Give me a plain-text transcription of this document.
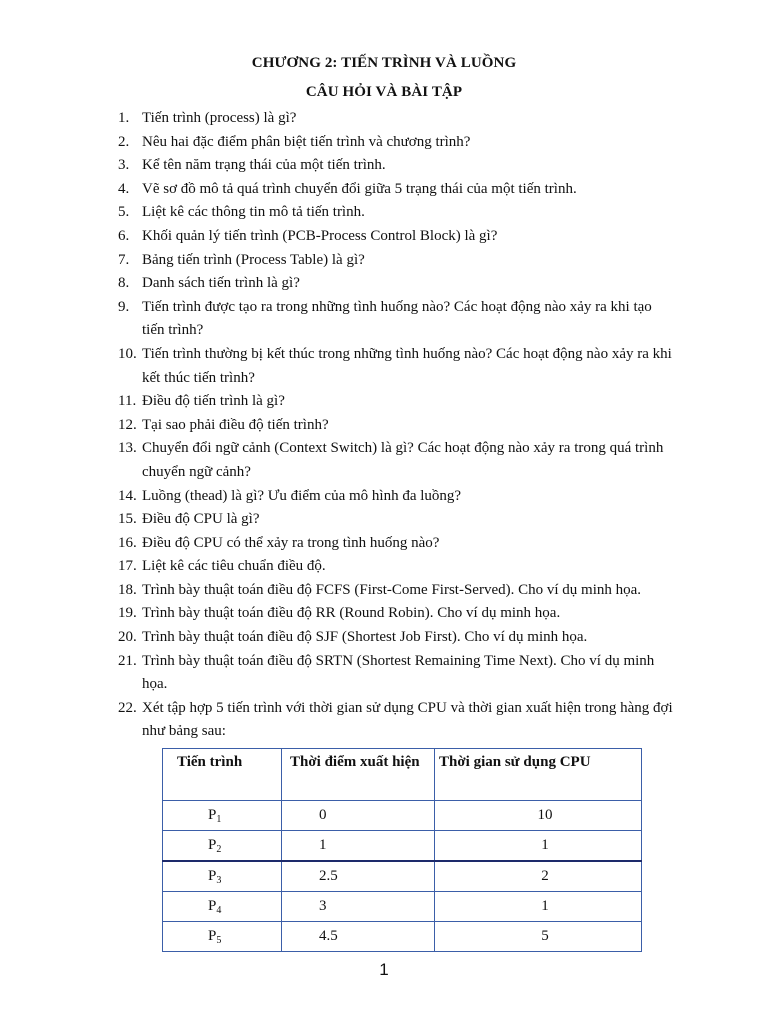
CHƯƠNG 2: TIẾN TRÌNH VÀ LUỒNG
CÂU HỎI VÀ BÀI TẬP
1. Tiến trình (process) là gì?
2. Nêu hai đặc điểm phân biệt tiến trình và chương trình?
3. Kể tên năm trạng thái của một tiến trình.
4. Vẽ sơ đồ mô tả quá trình chuyển đổi giữa 5 trạng thái của một tiến trình.
5. Liệt kê các thông tin mô tả tiến trình.
6. Khối quản lý tiến trình (PCB-Process Control Block) là gì?
7. Bảng tiến trình (Process Table) là gì?
8. Danh sách tiến trình là gì?
9. Tiến trình được tạo ra trong những tình huống nào? Các hoạt động nào xảy ra khi tạo tiến trình?
10. Tiến trình thường bị kết thúc trong những tình huống nào? Các hoạt động nào xảy ra khi kết thúc tiến trình?
11. Điều độ tiến trình là gì?
12. Tại sao phải điều độ tiến trình?
13. Chuyển đổi ngữ cảnh (Context Switch) là gì? Các hoạt động nào xảy ra trong quá trình chuyển ngữ cảnh?
14. Luồng (thead) là gì? Ưu điểm của mô hình đa luồng?
15. Điều độ CPU là gì?
16. Điều độ CPU có thể xảy ra trong tình huống nào?
17. Liệt kê các tiêu chuẩn điều độ.
18. Trình bày thuật toán điều độ FCFS (First-Come First-Served). Cho ví dụ minh họa.
19. Trình bày thuật toán điều độ RR (Round Robin). Cho ví dụ minh họa.
20. Trình bày thuật toán điều độ SJF (Shortest Job First). Cho ví dụ minh họa.
21. Trình bày thuật toán điều độ SRTN (Shortest Remaining Time Next). Cho ví dụ minh họa.
22. Xét tập hợp 5 tiến trình với thời gian sử dụng CPU và thời gian xuất hiện trong hàng đợi như bảng sau:
Tiến trình	Thời điểm xuất hiện	Thời gian sử dụng CPU
$P_1$	0	10
$P_2$	1	1
$P_3$	2.5	2
$P_4$	3	1
$P_5$	4.5	5
1
